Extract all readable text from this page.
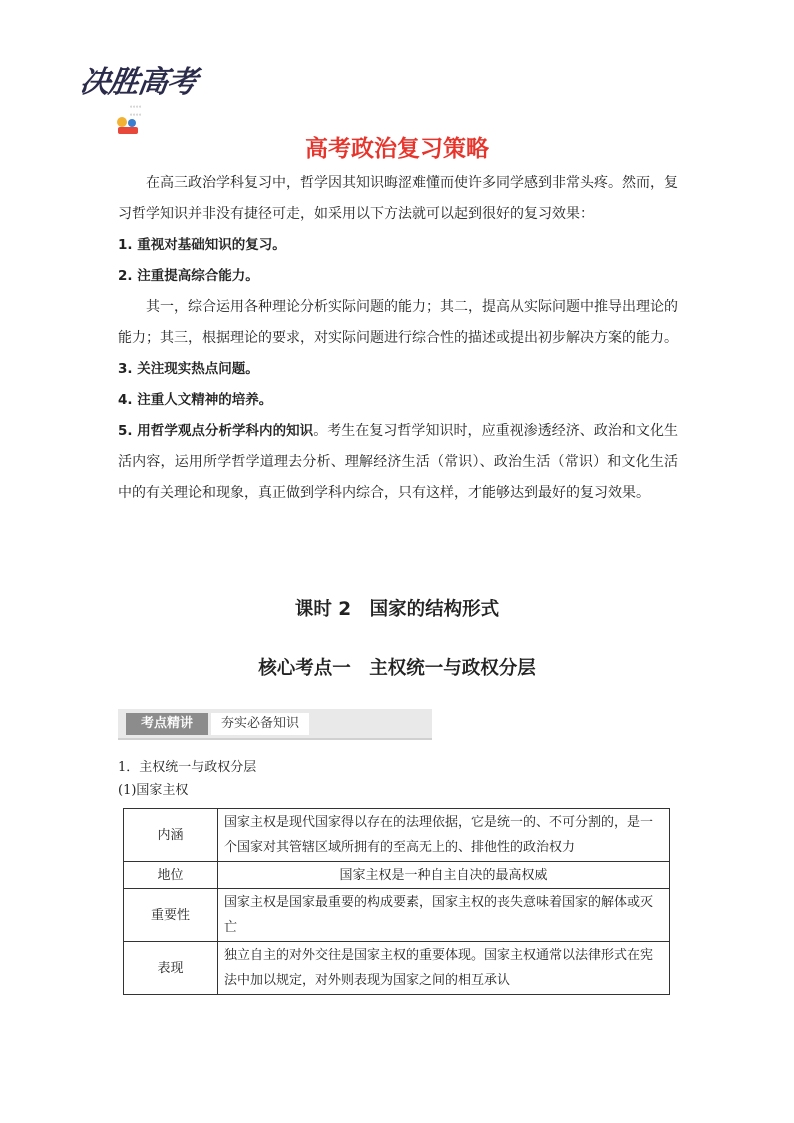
决胜高考
。。。。
。。。。
高考政治复习策略

在高三政治学科复习中，哲学因其知识晦涩难懂而使许多同学感到非常头疼。然而，复习哲学知识并非没有捷径可走，如采用以下方法就可以起到很好的复习效果：

1. 重视对基础知识的复习。

2. 注重提高综合能力。

其一，综合运用各种理论分析实际问题的能力；其二，提高从实际问题中推导出理论的能力；其三，根据理论的要求，对实际问题进行综合性的描述或提出初步解决方案的能力。

3. 关注现实热点问题。

4. 注重人文精神的培养。

5. 用哲学观点分析学科内的知识。考生在复习哲学知识时，应重视渗透经济、政治和文化生活内容，运用所学哲学道理去分析、理解经济生活（常识）、政治生活（常识）和文化生活中的有关理论和现象，真正做到学科内综合，只有这样，才能够达到最好的复习效果。

课时 2　国家的结构形式
核心考点一　主权统一与政权分层
考点精讲	夯实必备知识
1．主权统一与政权分层
(1)国家主权
内涵	国家主权是现代国家得以存在的法理依据，它是统一的、不可分割的，是一个国家对其管辖区域所拥有的至高无上的、排他性的政治权力
地位	国家主权是一种自主自决的最高权威
重要性	国家主权是国家最重要的构成要素，国家主权的丧失意味着国家的解体或灭亡
表现	独立自主的对外交往是国家主权的重要体现。国家主权通常以法律形式在宪法中加以规定，对外则表现为国家之间的相互承认
